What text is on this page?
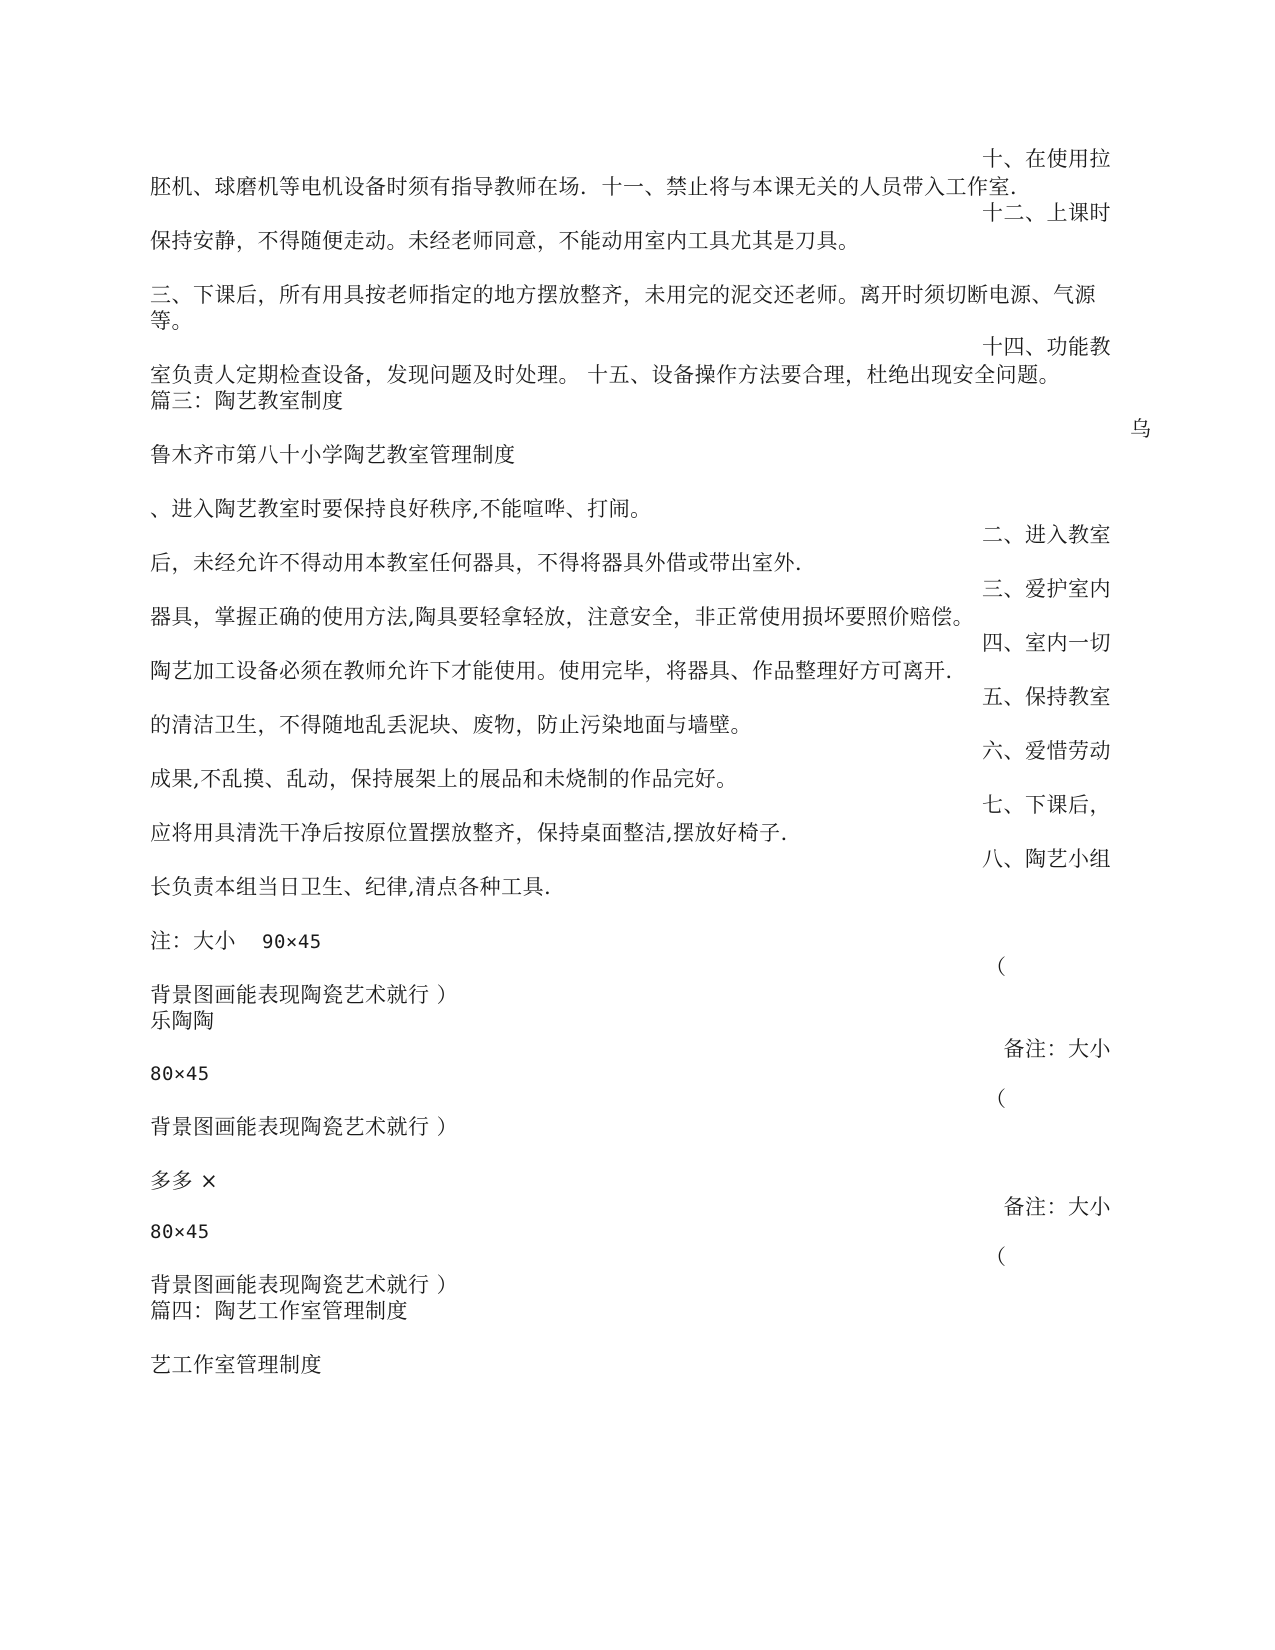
十、在使用拉
胚机、球磨机等电机设备时须有指导教师在场．十一、禁止将与本课无关的人员带入工作室．
十二、上课时
保持安静，不得随便走动。未经老师同意，不能动用室内工具尤其是刀具。
三、下课后，所有用具按老师指定的地方摆放整齐，未用完的泥交还老师。离开时须切断电源、气源
等。
十四、功能教
室负责人定期检查设备，发现问题及时处理。 十五、设备操作方法要合理，杜绝出现安全问题。
篇三：陶艺教室制度
乌
鲁木齐市第八十小学陶艺教室管理制度
、进入陶艺教室时要保持良好秩序,不能喧哗、打闹。
二、进入教室
后，未经允许不得动用本教室任何器具，不得将器具外借或带出室外．
三、爱护室内
器具，掌握正确的使用方法,陶具要轻拿轻放，注意安全，非正常使用损坏要照价赔偿。
四、室内一切
陶艺加工设备必须在教师允许下才能使用。使用完毕，将器具、作品整理好方可离开．
五、保持教室
的清洁卫生，不得随地乱丢泥块、废物，防止污染地面与墙壁。
六、爱惜劳动
成果,不乱摸、乱动，保持展架上的展品和未烧制的作品完好。
七、下课后，
应将用具清洗干净后按原位置摆放整齐，保持桌面整洁,摆放好椅子．
八、陶艺小组
长负责本组当日卫生、纪律,清点各种工具．
注：大小 90×45
（
背景图画能表现陶瓷艺术就行 ）
乐陶陶
备注：大小
80×45
（
背景图画能表现陶瓷艺术就行 ）
多多 ×
备注：大小
80×45
（
背景图画能表现陶瓷艺术就行 ）
篇四：陶艺工作室管理制度
艺工作室管理制度
